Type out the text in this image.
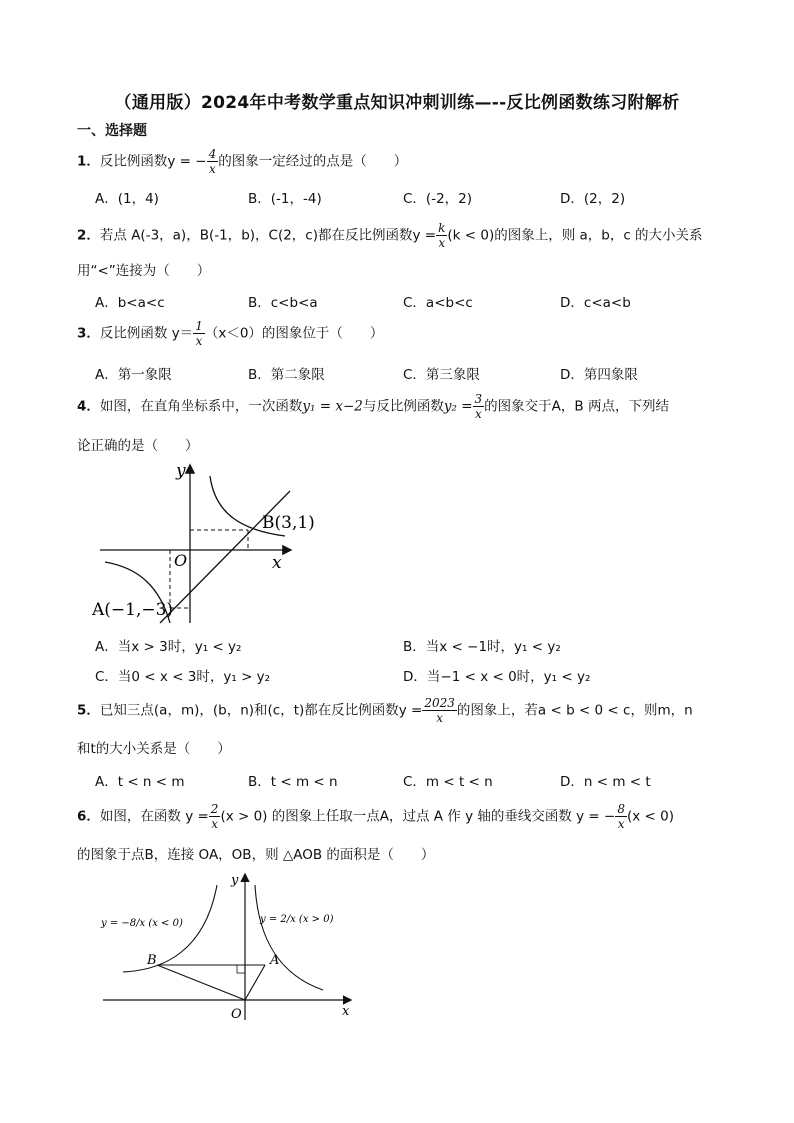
（通用版）2024年中考数学重点知识冲刺训练—--反比例函数练习附解析
一、选择题
1．反比例函数y = − $\frac{4}{x}$ 的图象一定经过的点是（　　）
A．(1，4)	B．(-1，-4)	C．(-2，2)	D．(2，2)
2．若点 A(-3，a)，B(-1，b)，C(2，c)都在反比例函数$y = \frac{k}{x} (k < 0)$的图象上，则 a，b，c 的大小关系
用“<”连接为（　　）
A．b<a<c	B．c<b<a	C．a<b<c	D．c<a<b
3．反比例函数 $y= \frac{1}{x} (x<0)$的图象位于（　　）
A．第一象限	B．第二象限	C．第三象限	D．第四象限
4．如图，在直角坐标系中，一次函数y₁ = x−2与反比例函数$y_2 = \frac{3}{x}$ 的图象交于A，B 两点，下列结
论正确的是（　　）
y
x
O
B(3,1)
A(−1,−3)
A．当x > 3时，y₁ < y₂	B．当x < −1时，y₁ < y₂
C．当0 < x < 3时，y₁ > y₂	D．当−1 < x < 0时，y₁ < y₂
5．已知三点(a，m)，(b，n)和(c，t)都在反比例函数$y = \frac{2023}{x}$ 的图象上，若a < b < 0 < c，则m，n
和t的大小关系是（　　）
A．t < n < m	B．t < m < n	C．m < t < n	D．n < m < t
6．如图，在函数 $y = \frac{2}{x} (x > 0)$ 的图象上任取一点A，过点 A 作 y 轴的垂线交函数 y = − $\frac{8}{x} (x < 0)$
的图象于点B，连接 OA，OB，则 △AOB 的面积是（　　）
y
x
O
B	A
y = −8/x (x < 0)	y = 2/x (x > 0)
